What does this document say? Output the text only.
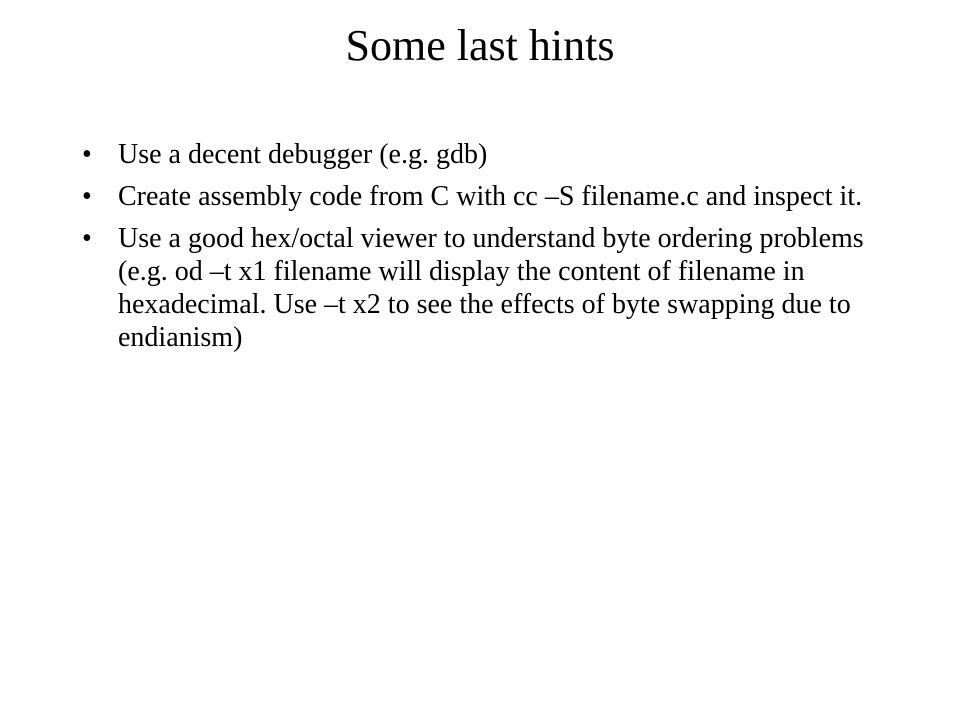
Some last hints
• Use a decent debugger (e.g. gdb)
• Create assembly code from C with cc –S filename.c and inspect it.
• Use a good hex/octal viewer to understand byte ordering problems (e.g. od –t x1 filename will display the content of filename in hexadecimal. Use –t x2 to see the effects of byte swapping due to endianism)
